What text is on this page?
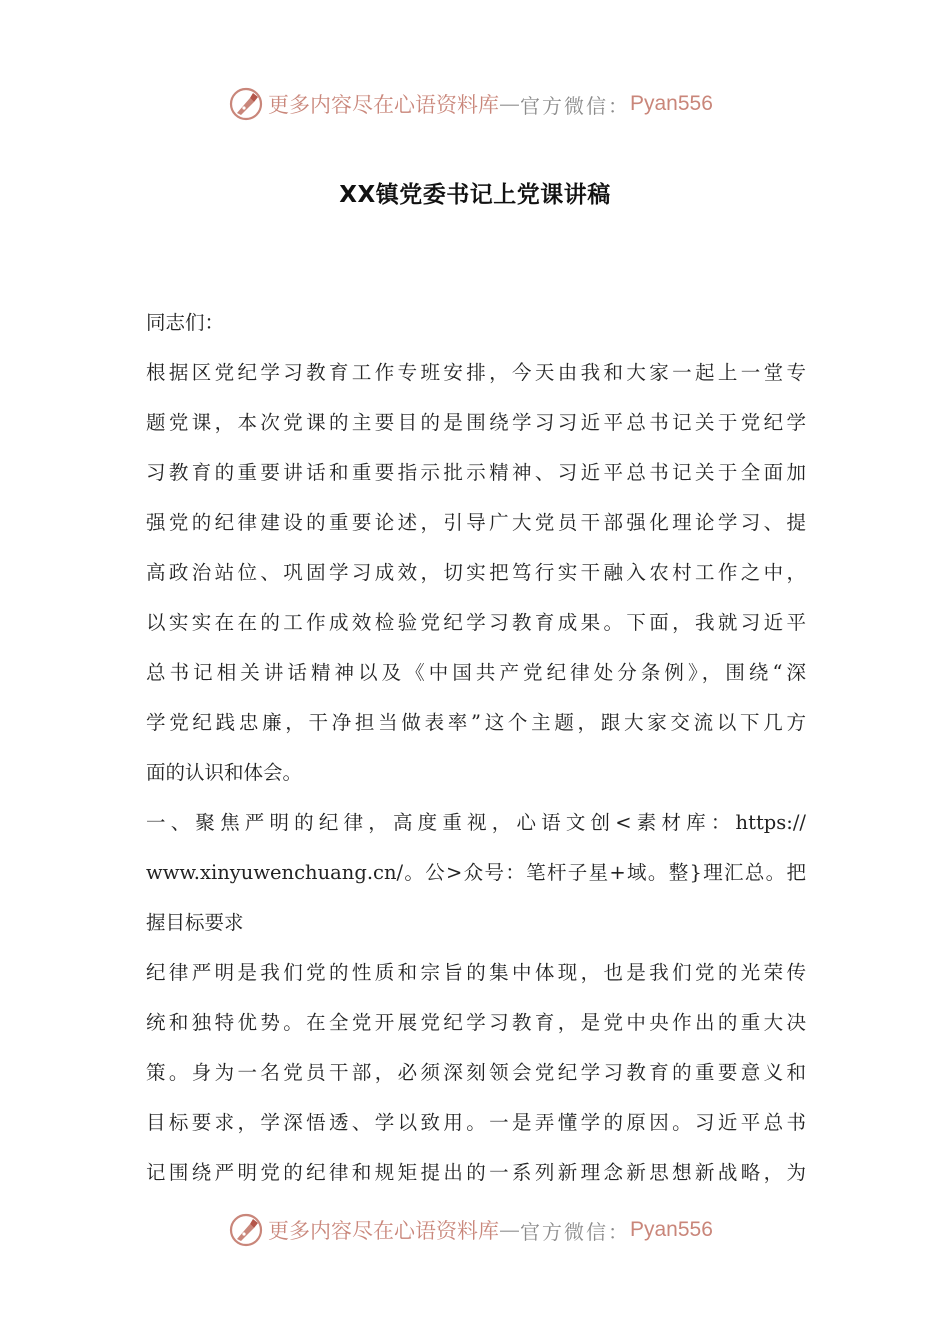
更多内容尽在心语资料库 — 官方微信： Pyan556
XX镇党委书记上党课讲稿
同志们：
根据区党纪学习教育工作专班安排，今天由我和大家一起上一堂专
题党课，本次党课的主要目的是围绕学习习近平总书记关于党纪学
习教育的重要讲话和重要指示批示精神、习近平总书记关于全面加
强党的纪律建设的重要论述，引导广大党员干部强化理论学习、提
高政治站位、巩固学习成效，切实把笃行实干融入农村工作之中，
以实实在在的工作成效检验党纪学习教育成果。下面，我就习近平
总书记相关讲话精神以及《中国共产党纪律处分条例》，围绕“深
学党纪践忠廉，干净担当做表率”这个主题，跟大家交流以下几方
面的认识和体会。
一、聚焦严明的纪律，高度重视，心语文创<素材库：https://
www.xinyuwenchuang.cn/。公>众号：笔杆子星+域。整}理汇总。把
握目标要求
纪律严明是我们党的性质和宗旨的集中体现，也是我们党的光荣传
统和独特优势。在全党开展党纪学习教育，是党中央作出的重大决
策。身为一名党员干部，必须深刻领会党纪学习教育的重要意义和
目标要求，学深悟透、学以致用。一是弄懂学的原因。习近平总书
记围绕严明党的纪律和规矩提出的一系列新理念新思想新战略，为
更多内容尽在心语资料库 — 官方微信： Pyan556
